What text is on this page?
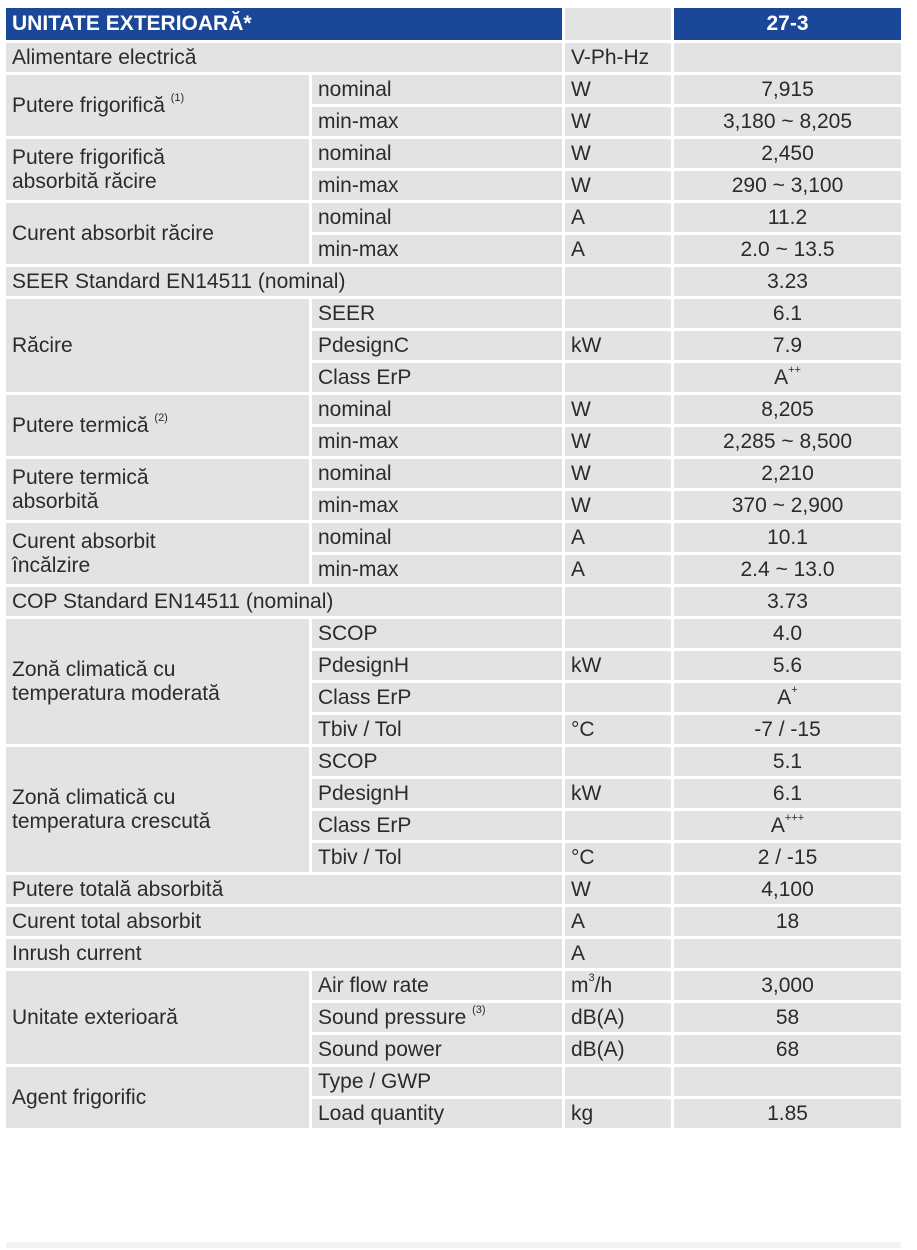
UNITATE EXTERIOARĂ*			27-3
Alimentare electrică		V-Ph-Hz	
Putere frigorifică $^{(1)}$	nominal	W	7,915
	min-max	W	3,180 ~ 8,205
Putere frigorifică
absorbită răcire	nominal	W	2,450
	min-max	W	290 ~ 3,100
Curent absorbit răcire	nominal	A	11.2
	min-max	A	2.0 ~ 13.5
SEER Standard EN14511 (nominal)			3.23
Răcire	SEER		6.1
	PdesignC	kW	7.9
	Class ErP		A++
Putere termică $^{(2)}$	nominal	W	8,205
	min-max	W	2,285 ~ 8,500
Putere termică
absorbită	nominal	W	2,210
	min-max	W	370 ~ 2,900
Curent absorbit
încălzire	nominal	A	10.1
	min-max	A	2.4 ~ 13.0
COP Standard EN14511 (nominal)			3.73
Zonă climatică cu
temperatura moderată	SCOP		4.0
	PdesignH	kW	5.6
	Class ErP		A+
	Tbiv / Tol	°C	-7 / -15
Zonă climatică cu
temperatura crescută	SCOP		5.1
	PdesignH	kW	6.1
	Class ErP		A+++
	Tbiv / Tol	°C	2 / -15
Putere totală absorbită		W	4,100
Curent total absorbit		A	18
Inrush current		A	
Unitate exterioară	Air flow rate	$m^3/h$	3,000
	Sound pressure $^{(3)}$	dB(A)	58
	Sound power	dB(A)	68
Agent frigorific	Type / GWP		
	Load quantity	kg	1.85
